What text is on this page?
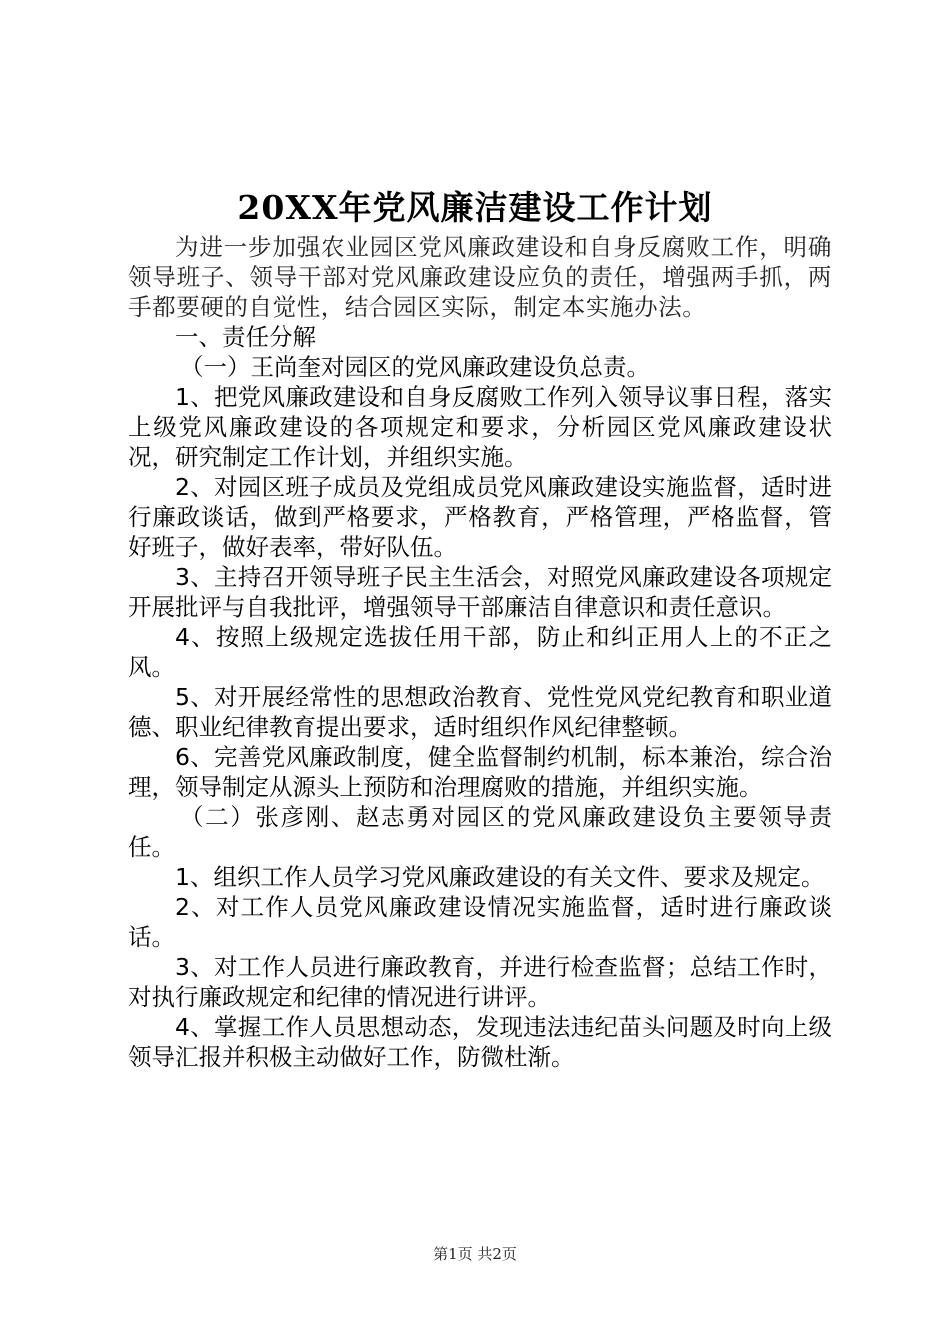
20XX年党风廉洁建设工作计划

为进一步加强农业园区党风廉政建设和自身反腐败工作，明确领导班子、领导干部对党风廉政建设应负的责任，增强两手抓，两手都要硬的自觉性，结合园区实际，制定本实施办法。

一、责任分解

（一）王尚奎对园区的党风廉政建设负总责。

1、把党风廉政建设和自身反腐败工作列入领导议事日程，落实上级党风廉政建设的各项规定和要求，分析园区党风廉政建设状况，研究制定工作计划，并组织实施。

2、对园区班子成员及党组成员党风廉政建设实施监督，适时进行廉政谈话，做到严格要求，严格教育，严格管理，严格监督，管好班子，做好表率，带好队伍。

3、主持召开领导班子民主生活会，对照党风廉政建设各项规定开展批评与自我批评，增强领导干部廉洁自律意识和责任意识。

4、按照上级规定选拔任用干部，防止和纠正用人上的不正之风。

5、对开展经常性的思想政治教育、党性党风党纪教育和职业道德、职业纪律教育提出要求，适时组织作风纪律整顿。

6、完善党风廉政制度，健全监督制约机制，标本兼治，综合治理，领导制定从源头上预防和治理腐败的措施，并组织实施。

（二）张彦刚、赵志勇对园区的党风廉政建设负主要领导责任。

1、组织工作人员学习党风廉政建设的有关文件、要求及规定。

2、对工作人员党风廉政建设情况实施监督，适时进行廉政谈话。

3、对工作人员进行廉政教育，并进行检查监督；总结工作时，对执行廉政规定和纪律的情况进行讲评。

4、掌握工作人员思想动态，发现违法违纪苗头问题及时向上级领导汇报并积极主动做好工作，防微杜渐。

第1页 共2页
